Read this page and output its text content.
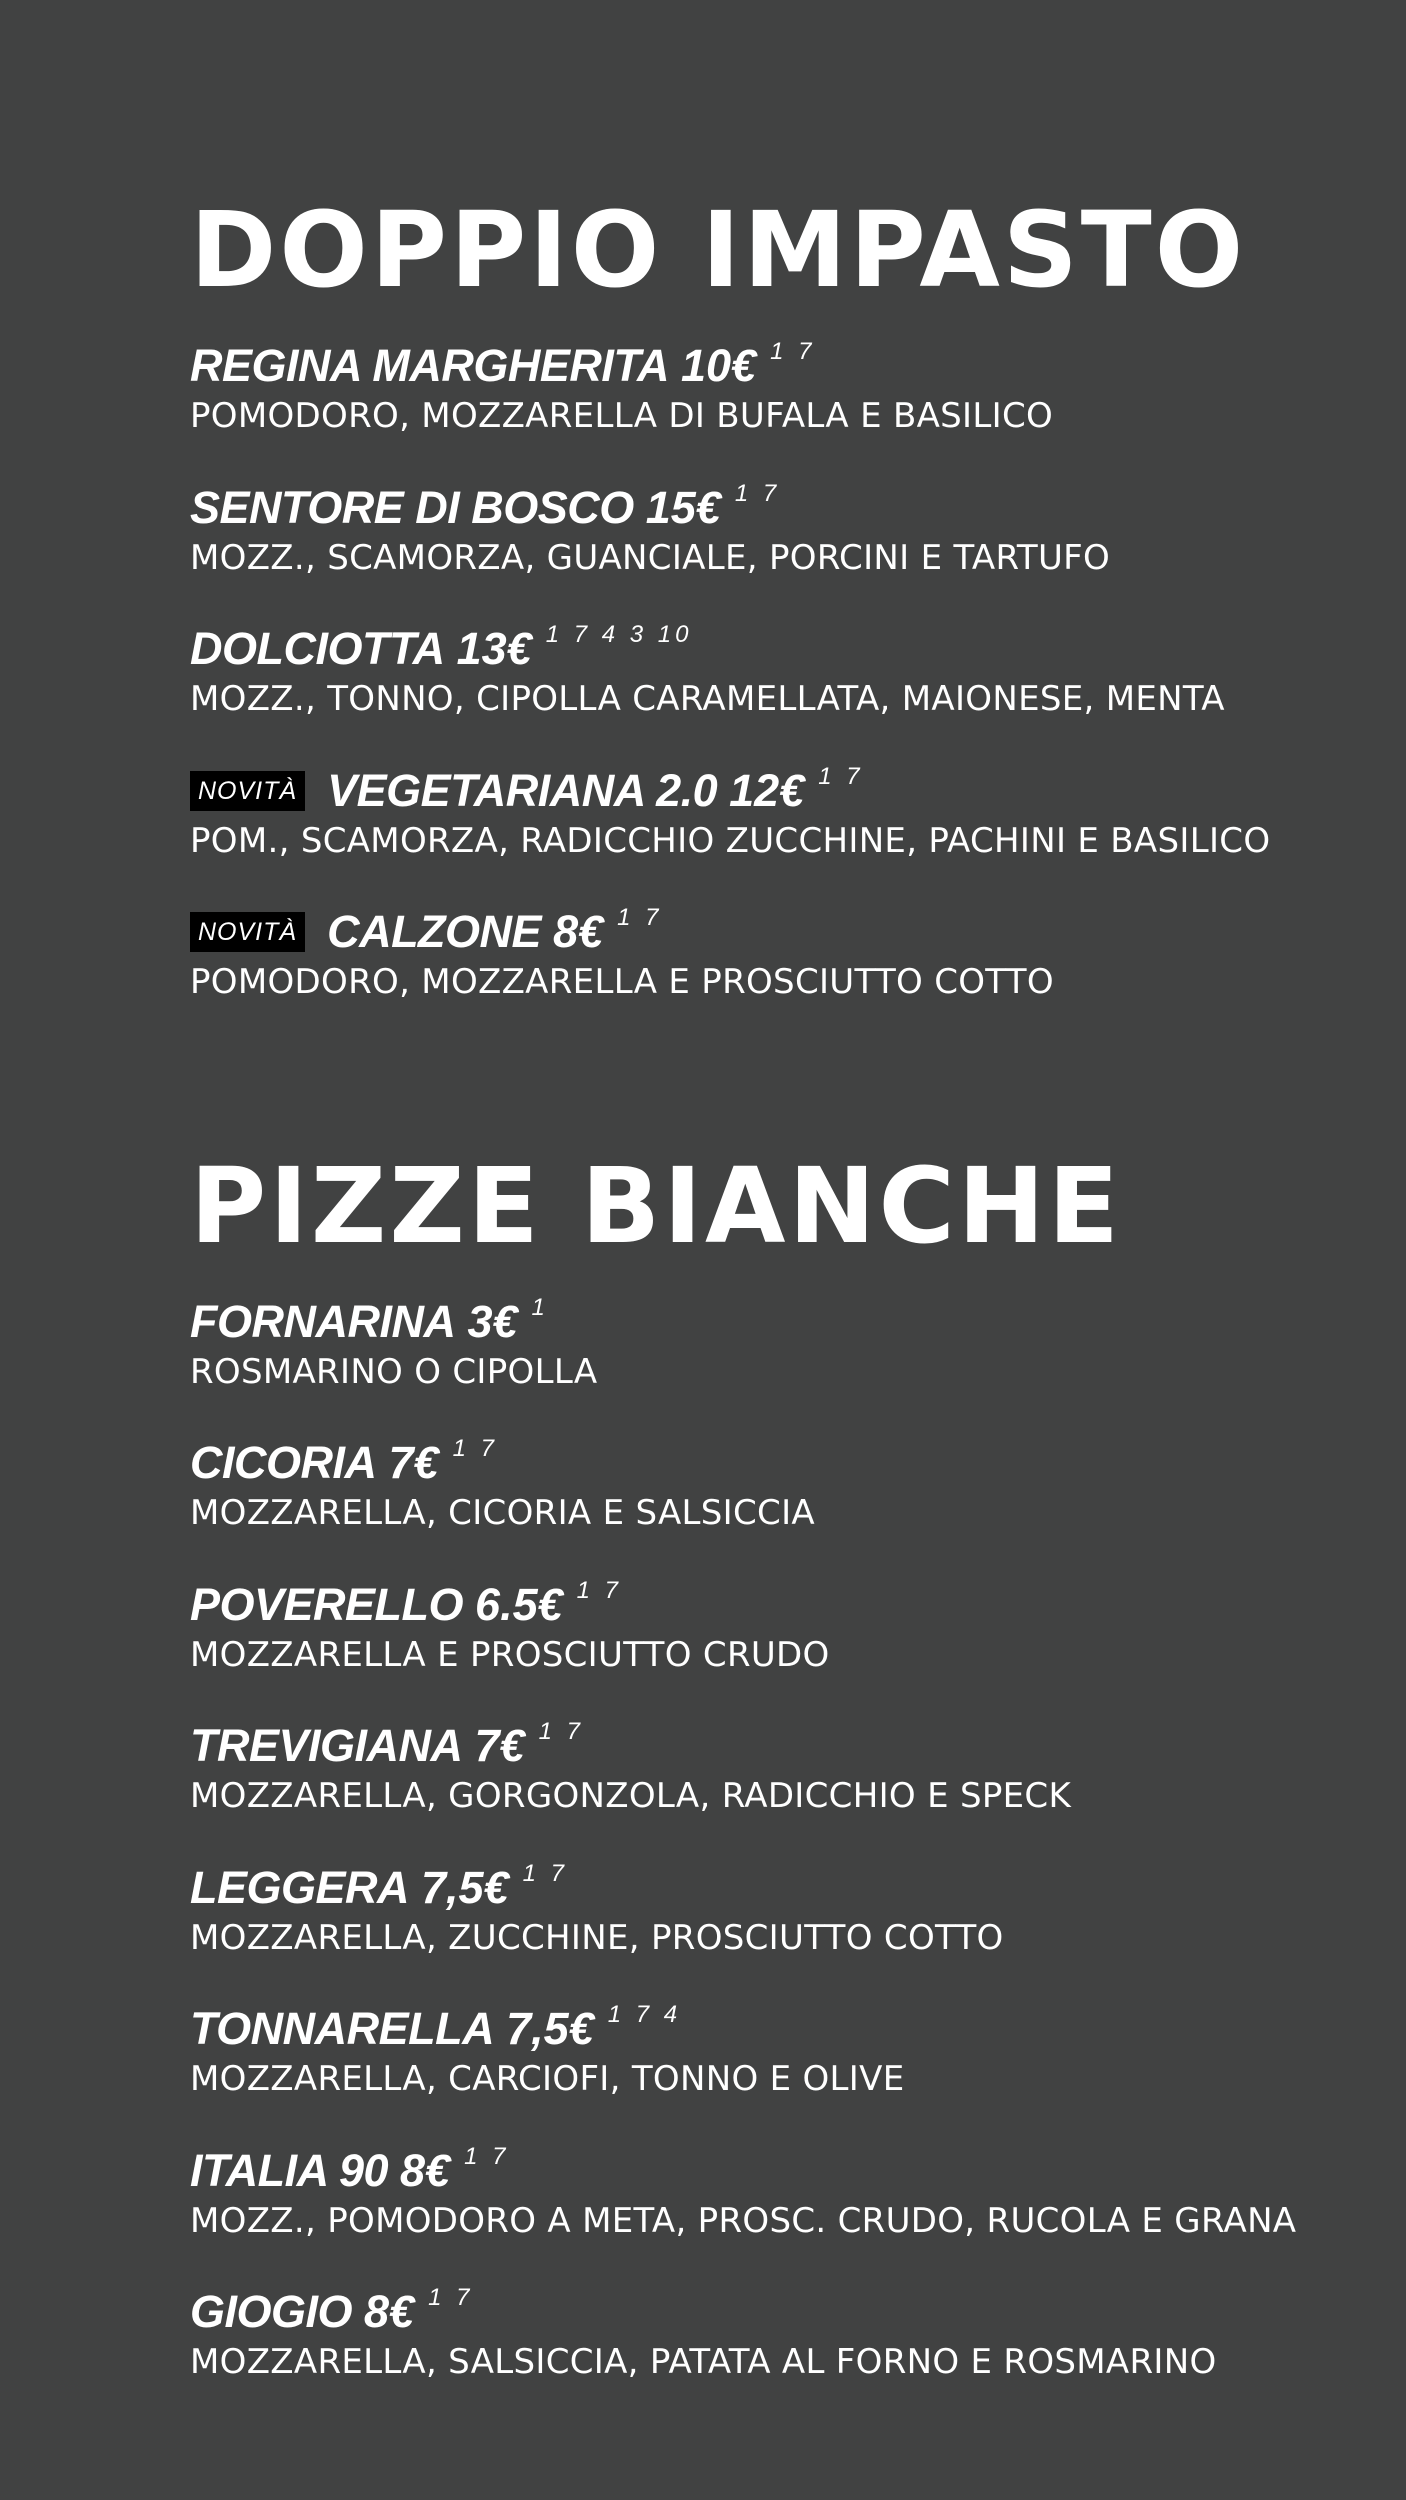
DOPPIO IMPASTO
REGINA MARGHERITA 10€ 1 7
POMODORO, MOZZARELLA DI BUFALA E BASILICO
SENTORE DI BOSCO 15€ 1 7
MOZZ., SCAMORZA, GUANCIALE, PORCINI E TARTUFO
DOLCIOTTA 13€ 1 7 4 3 10
MOZZ., TONNO, CIPOLLA CARAMELLATA, MAIONESE, MENTA
NOVITÀ VEGETARIANA 2.0 12€ 1 7
POM., SCAMORZA, RADICCHIO ZUCCHINE, PACHINI E BASILICO
NOVITÀ CALZONE 8€ 1 7
POMODORO, MOZZARELLA E PROSCIUTTO COTTO
PIZZE BIANCHE
FORNARINA 3€ 1
ROSMARINO O CIPOLLA
CICORIA 7€ 1 7
MOZZARELLA, CICORIA E SALSICCIA
POVERELLO 6.5€ 1 7
MOZZARELLA E PROSCIUTTO CRUDO
TREVIGIANA 7€ 1 7
MOZZARELLA, GORGONZOLA, RADICCHIO E SPECK
LEGGERA 7,5€ 1 7
MOZZARELLA, ZUCCHINE, PROSCIUTTO COTTO
TONNARELLA 7,5€ 1 7 4
MOZZARELLA, CARCIOFI, TONNO E OLIVE
ITALIA 90 8€ 1 7
MOZZ., POMODORO A META, PROSC. CRUDO, RUCOLA E GRANA
GIOGIO 8€ 1 7
MOZZARELLA, SALSICCIA, PATATA AL FORNO E ROSMARINO
